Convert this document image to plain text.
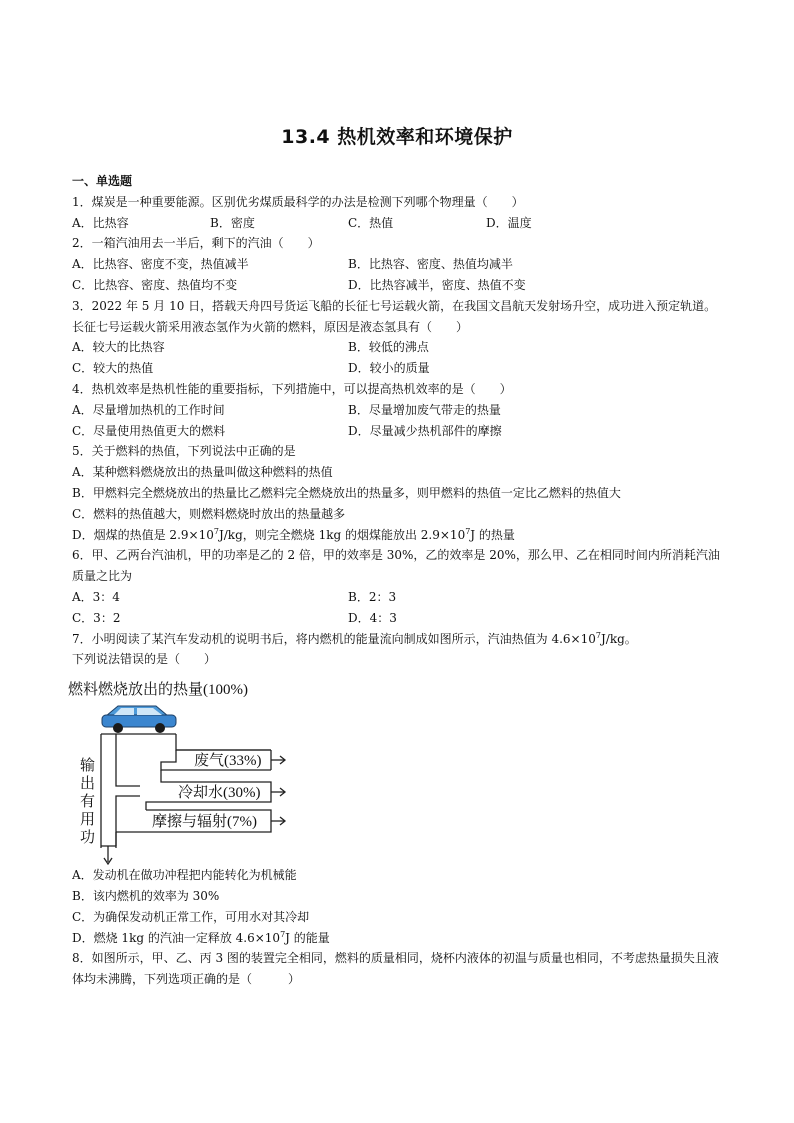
13.4 热机效率和环境保护
一、单选题
1．煤炭是一种重要能源。区别优劣煤质最科学的办法是检测下列哪个物理量（　　）
A．比热容	B．密度	C．热值	D．温度
2．一箱汽油用去一半后，剩下的汽油（　　）
A．比热容、密度不变，热值减半	B．比热容、密度、热值均减半
C．比热容、密度、热值均不变	D．比热容减半，密度、热值不变
3．2022 年 5 月 10 日，搭载天舟四号货运飞船的长征七号运载火箭，在我国文昌航天发射场升空，成功进入预定轨道。长征七号运载火箭采用液态氢作为火箭的燃料，原因是液态氢具有（　　）
A．较大的比热容	B．较低的沸点
C．较大的热值	D．较小的质量
4．热机效率是热机性能的重要指标，下列措施中，可以提高热机效率的是（　　）
A．尽量增加热机的工作时间	B．尽量增加废气带走的热量
C．尽量使用热值更大的燃料	D．尽量减少热机部件的摩擦
5．关于燃料的热值，下列说法中正确的是
A．某种燃料燃烧放出的热量叫做这种燃料的热值
B．甲燃料完全燃烧放出的热量比乙燃料完全燃烧放出的热量多，则甲燃料的热值一定比乙燃料的热值大
C．燃料的热值越大，则燃料燃烧时放出的热量越多
D．烟煤的热值是 $2.9\times 10^7J/kg$，则完全燃烧 1kg 的烟煤能放出 $2.9\times 10^7J$ 的热量
6．甲、乙两台汽油机，甲的功率是乙的 2 倍，甲的效率是 30%，乙的效率是 20%，那么甲、乙在相同时间内所消耗汽油质量之比为
A．3：4	B．2：3
C．3：2	D．4：3
7．小明阅读了某汽车发动机的说明书后，将内燃机的能量流向制成如图所示，汽油热值为 $4.6\times 10^7J/kg$。
下列说法错误的是（　　）
燃料燃烧放出的热量(100%)
废气(33%)
冷却水(30%)
摩擦与辐射(7%)
输
出
有
用
功
A．发动机在做功冲程把内能转化为机械能
B．该内燃机的效率为 30%
C．为确保发动机正常工作，可用水对其冷却
D．燃烧 1kg 的汽油一定释放 $4.6\times 10^7J$ 的能量
8．如图所示，甲、乙、丙 3 图的装置完全相同，燃料的质量相同，烧杯内液体的初温与质量也相同，不考虑热量损失且液体均未沸腾，下列选项正确的是（　　　）
